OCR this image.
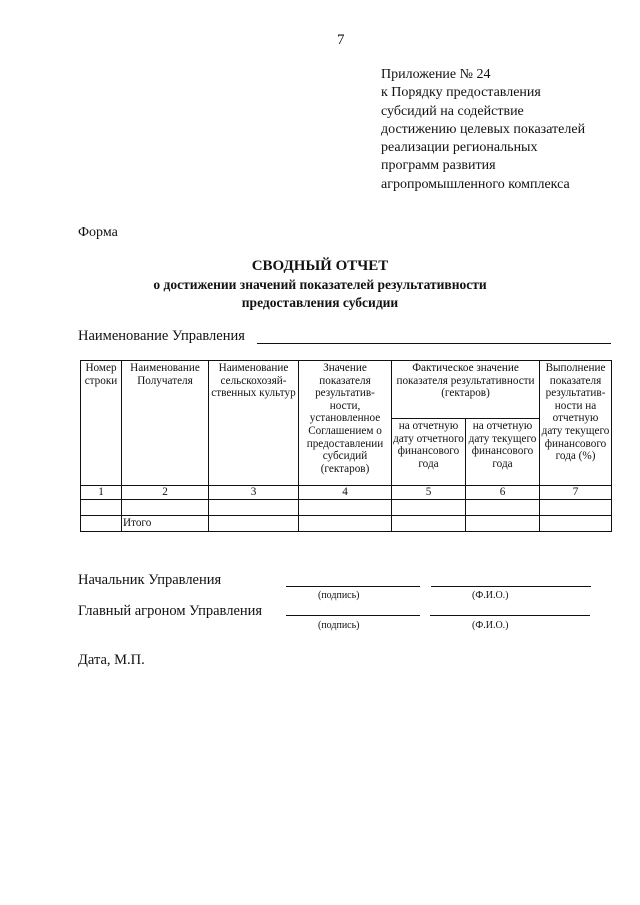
7
Приложение № 24
к Порядку предоставления
субсидий на содействие
достижению целевых показателей
реализации региональных
программ развития
агропромышленного комплекса
Форма
СВОДНЫЙ ОТЧЕТ
о достижении значений показателей результативности
предоставления субсидии
Наименование Управления
Номер строки	Наименование Получателя	Наименование сельскохозяй-ственных культур	Значение показателя результатив-ности, установленное Соглашением о предоставлении субсидий (гектаров)	Фактическое значение показателя результативности (гектаров)		Выполнение показателя результатив-ности на отчетную дату текущего финансового года (%)
				на отчетную дату отчетного финансового года	на отчетную дату текущего финансового года	
1	2	3	4	5	6	7

	Итого					
Начальник Управления
(подпись)	(Ф.И.О.)
Главный агроном Управления
(подпись)	(Ф.И.О.)
Дата, М.П.
